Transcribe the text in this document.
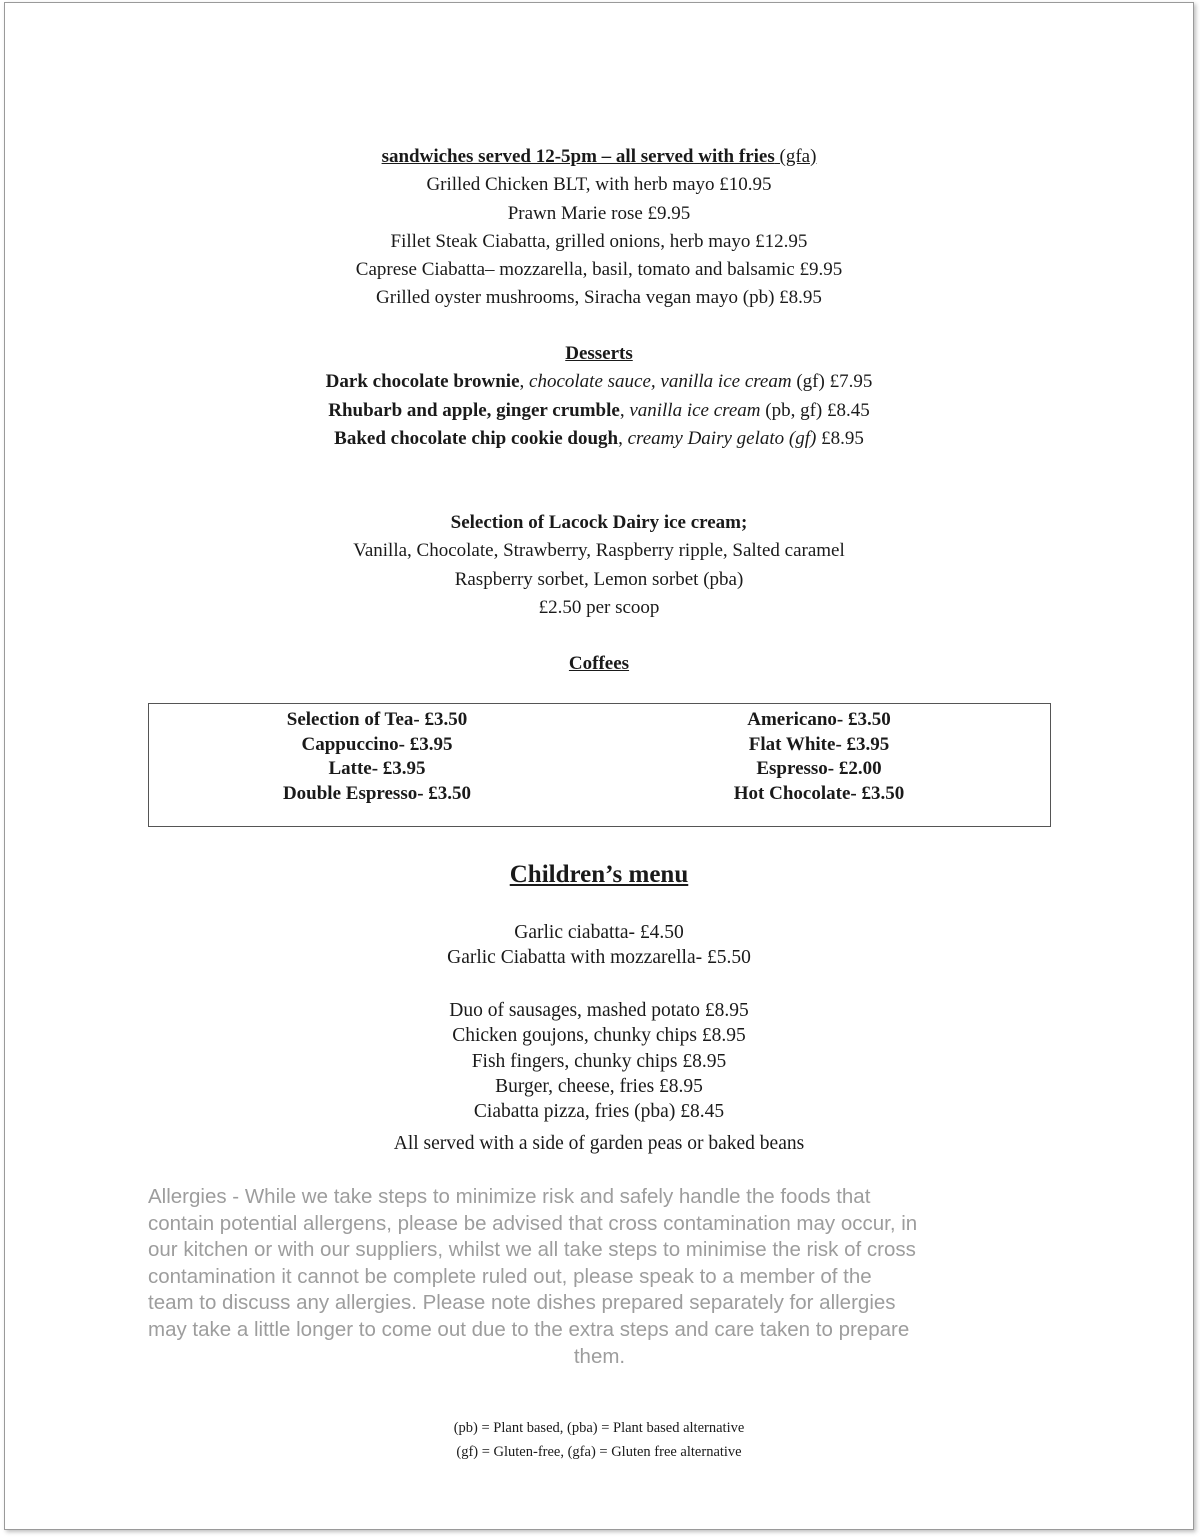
sandwiches served 12-5pm – all served with fries (gfa)
Grilled Chicken BLT, with herb mayo £10.95
Prawn Marie rose £9.95
Fillet Steak Ciabatta, grilled onions, herb mayo £12.95
Caprese Ciabatta– mozzarella, basil, tomato and balsamic £9.95
Grilled oyster mushrooms, Siracha vegan mayo (pb) £8.95
Desserts
Dark chocolate brownie, chocolate sauce, vanilla ice cream (gf) £7.95
Rhubarb and apple, ginger crumble, vanilla ice cream (pb, gf) £8.45
Baked chocolate chip cookie dough, creamy Dairy gelato (gf) £8.95
Selection of Lacock Dairy ice cream;
Vanilla, Chocolate, Strawberry, Raspberry ripple, Salted caramel
Raspberry sorbet, Lemon sorbet (pba)
£2.50 per scoop
Coffees
Selection of Tea- £3.50
Cappuccino- £3.95
Latte- £3.95
Double Espresso- £3.50
Americano- £3.50
Flat White- £3.95
Espresso- £2.00
Hot Chocolate- £3.50
Children’s menu
Garlic ciabatta- £4.50
Garlic Ciabatta with mozzarella- £5.50
Duo of sausages, mashed potato £8.95
Chicken goujons, chunky chips £8.95
Fish fingers, chunky chips £8.95
Burger, cheese, fries £8.95
Ciabatta pizza, fries (pba) £8.45
All served with a side of garden peas or baked beans
Allergies - While we take steps to minimize risk and safely handle the foods that
contain potential allergens, please be advised that cross contamination may occur, in
our kitchen or with our suppliers, whilst we all take steps to minimise the risk of cross
contamination it cannot be complete ruled out, please speak to a member of the
team to discuss any allergies. Please note dishes prepared separately for allergies
may take a little longer to come out due to the extra steps and care taken to prepare
them.
(pb) = Plant based, (pba) = Plant based alternative
(gf) = Gluten-free, (gfa) = Gluten free alternative
